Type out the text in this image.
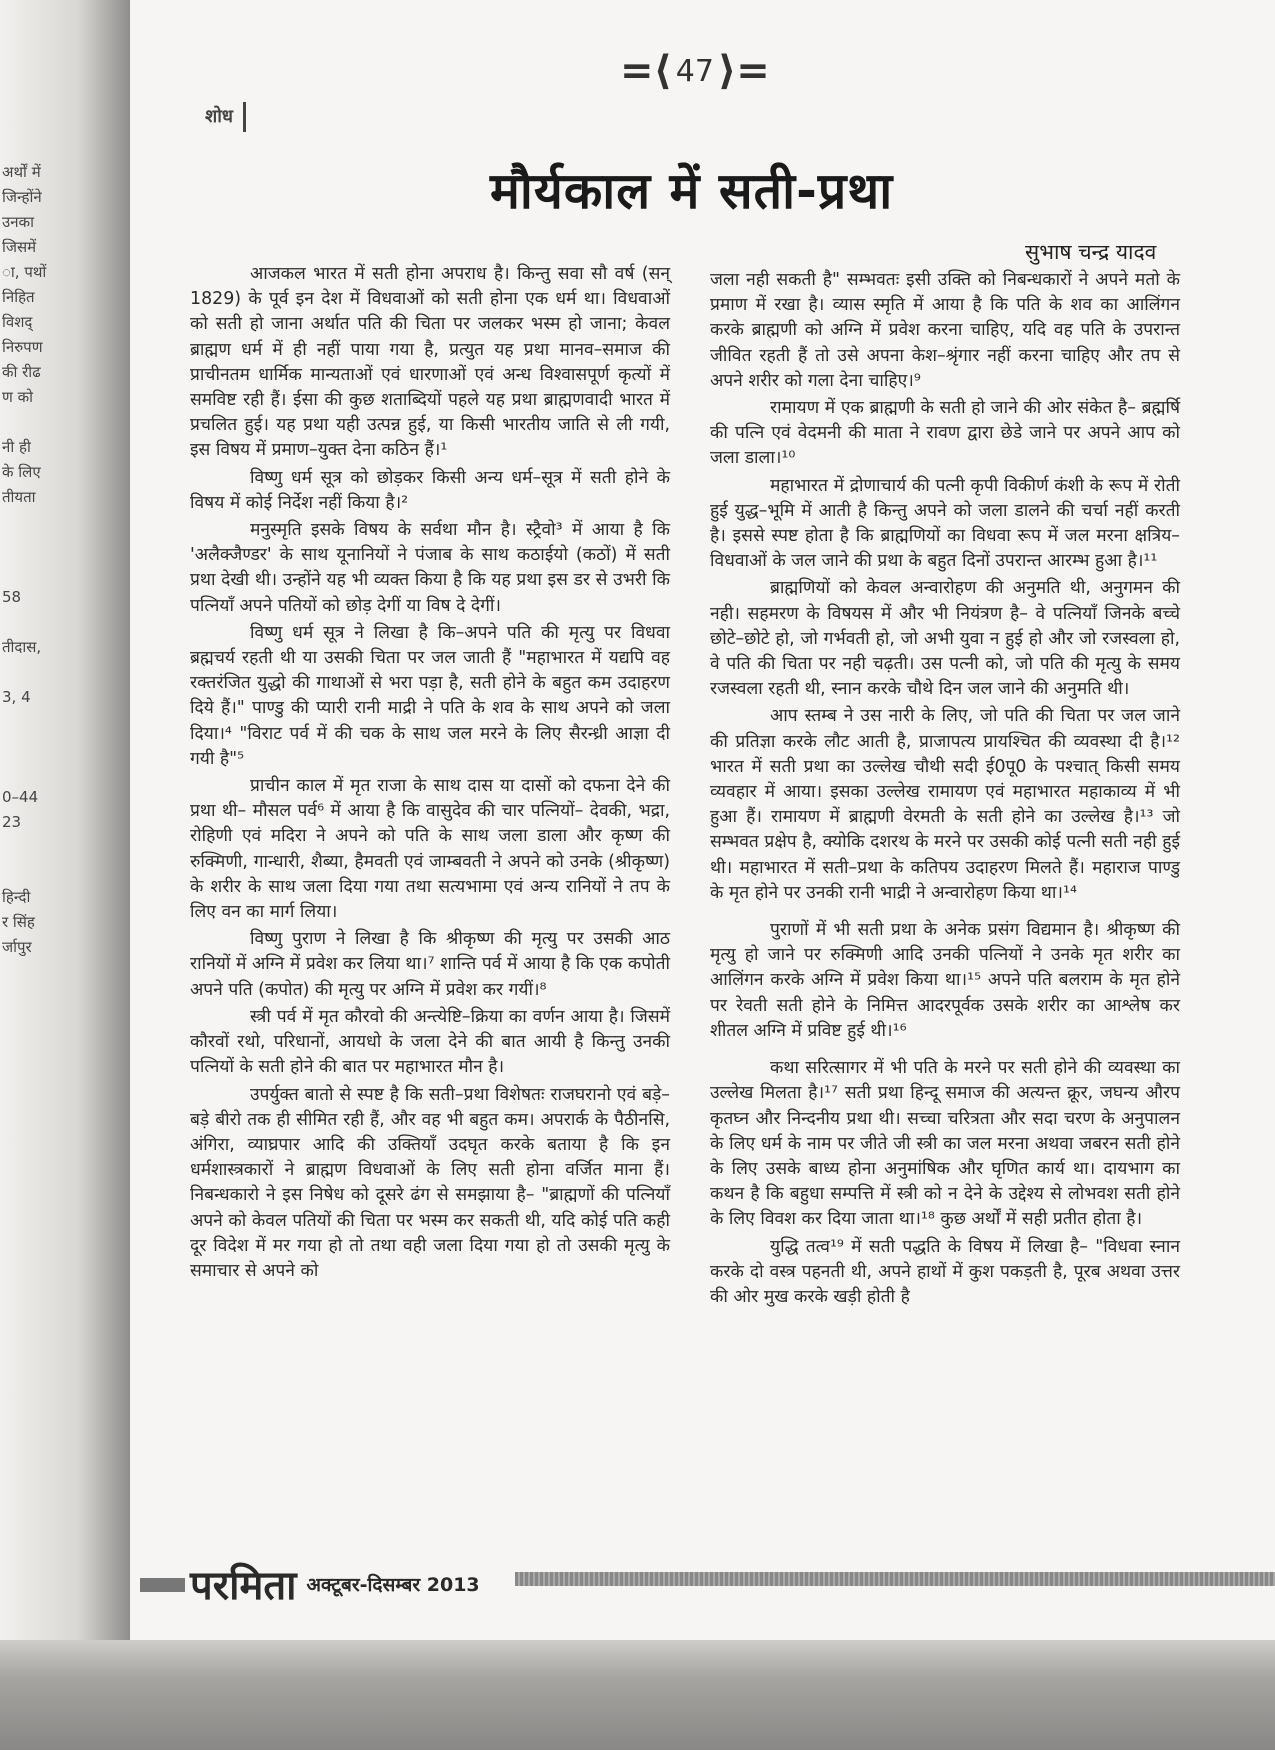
अर्थों में
जिन्होंने
उनका
जिसमें
ा, पथों
निहित
विशद्
निरुपण
की रीढ
ण को
नी ही
के लिए
तीयता
58
तीदास,
3, 4
0–44
23
हिन्दी
र सिंह
र्जापुर
=⟨ 47 ⟩=
शोध
मौर्यकाल में सती-प्रथा
सुभाष चन्द्र यादव

आजकल भारत में सती होना अपराध है। किन्तु सवा सौ वर्ष (सन् 1829) के पूर्व इन देश में विधवाओं को सती होना एक धर्म था। विधवाओं को सती हो जाना अर्थात पति की चिता पर जलकर भस्म हो जाना; केवल ब्राह्मण धर्म में ही नहीं पाया गया है, प्रत्युत यह प्रथा मानव–समाज की प्राचीनतम धार्मिक मान्यताओं एवं धारणाओं एवं अन्ध विश्वासपूर्ण कृत्यों में समविष्ट रही हैं। ईसा की कुछ शताब्दियों पहले यह प्रथा ब्राह्मणवादी भारत में प्रचलित हुई। यह प्रथा यही उत्पन्न हुई, या किसी भारतीय जाति से ली गयी, इस विषय में प्रमाण–युक्त देना कठिन हैं।¹

विष्णु धर्म सूत्र को छोड़कर किसी अन्य धर्म–सूत्र में सती होने के विषय में कोई निर्देश नहीं किया है।²

मनुस्मृति इसके विषय के सर्वथा मौन है। स्ट्रैवो³ में आया है कि 'अलैक्जैण्डर' के साथ यूनानियों ने पंजाब के साथ कठाईयो (कठों) में सती प्रथा देखी थी। उन्होंने यह भी व्यक्त किया है कि यह प्रथा इस डर से उभरी कि पत्नियाँ अपने पतियों को छोड़ देगीं या विष दे देगीं।

विष्णु धर्म सूत्र ने लिखा है कि–अपने पति की मृत्यु पर विधवा ब्रह्मचर्य रहती थी या उसकी चिता पर जल जाती हैं "महाभारत में यद्यपि वह रक्तरंजित युद्धो की गाथाओं से भरा पड़ा है, सती होने के बहुत कम उदाहरण दिये हैं।" पाण्डु की प्यारी रानी माद्री ने पति के शव के साथ अपने को जला दिया।⁴ "विराट पर्व में की चक के साथ जल मरने के लिए सैरन्ध्री आज्ञा दी गयी है"⁵

प्राचीन काल में मृत राजा के साथ दास या दासों को दफना देने की प्रथा थी– मौसल पर्व⁶ में आया है कि वासुदेव की चार पत्नियों– देवकी, भद्रा, रोहिणी एवं मदिरा ने अपने को पति के साथ जला डाला और कृष्ण की रुक्मिणी, गान्धारी, शैब्या, हैमवती एवं जाम्बवती ने अपने को उनके (श्रीकृष्ण) के शरीर के साथ जला दिया गया तथा सत्यभामा एवं अन्य रानियों ने तप के लिए वन का मार्ग लिया।

विष्णु पुराण ने लिखा है कि श्रीकृष्ण की मृत्यु पर उसकी आठ रानियों में अग्नि में प्रवेश कर लिया था।⁷ शान्ति पर्व में आया है कि एक कपोती अपने पति (कपोत) की मृत्यु पर अग्नि में प्रवेश कर गयीं।⁸

स्त्री पर्व में मृत कौरवो की अन्त्येष्टि–क्रिया का वर्णन आया है। जिसमें कौरवों रथो, परिधानों, आयधो के जला देने की बात आयी है किन्तु उनकी पत्नियों के सती होने की बात पर महाभारत मौन है।

उपर्युक्त बातो से स्पष्ट है कि सती–प्रथा विशेषतः राजघरानो एवं बड़े–बड़े बीरो तक ही सीमित रही हैं, और वह भी बहुत कम। अपरार्क के पैठीनसि, अंगिरा, व्याघ्रपार आदि की उक्तियाँ उदघृत करके बताया है कि इन धर्मशास्त्रकारों ने ब्राह्मण विधवाओं के लिए सती होना वर्जित माना हैं। निबन्धकारो ने इस निषेध को दूसरे ढंग से समझाया है– "ब्राह्मणों की पत्नियाँ अपने को केवल पतियों की चिता पर भस्म कर सकती थी, यदि कोई पति कही दूर विदेश में मर गया हो तो तथा वही जला दिया गया हो तो उसकी मृत्यु के समाचार से अपने को

जला नही सकती है" सम्भवतः इसी उक्ति को निबन्धकारों ने अपने मतो के प्रमाण में रखा है। व्यास स्मृति में आया है कि पति के शव का आलिंगन करके ब्राह्मणी को अग्नि में प्रवेश करना चाहिए, यदि वह पति के उपरान्त जीवित रहती हैं तो उसे अपना केश–श्रृंगार नहीं करना चाहिए और तप से अपने शरीर को गला देना चाहिए।⁹

रामायण में एक ब्राह्मणी के सती हो जाने की ओर संकेत है– ब्रह्मर्षि की पत्नि एवं वेदमनी की माता ने रावण द्वारा छेडे जाने पर अपने आप को जला डाला।¹⁰

महाभारत में द्रोणाचार्य की पत्नी कृपी विकीर्ण कंशी के रूप में रोती हुई युद्ध–भूमि में आती है किन्तु अपने को जला डालने की चर्चा नहीं करती है। इससे स्पष्ट होता है कि ब्राह्मणियों का विधवा रूप में जल मरना क्षत्रिय–विधवाओं के जल जाने की प्रथा के बहुत दिनों उपरान्त आरम्भ हुआ है।¹¹

ब्राह्मणियों को केवल अन्वारोहण की अनुमति थी, अनुगमन की नही। सहमरण के विषयस में और भी नियंत्रण है– वे पत्नियाँ जिनके बच्चे छोटे–छोटे हो, जो गर्भवती हो, जो अभी युवा न हुई हो और जो रजस्वला हो, वे पति की चिता पर नही चढ़ती। उस पत्नी को, जो पति की मृत्यु के समय रजस्वला रहती थी, स्नान करके चौथे दिन जल जाने की अनुमति थी।

आप स्तम्ब ने उस नारी के लिए, जो पति की चिता पर जल जाने की प्रतिज्ञा करके लौट आती है, प्राजापत्य प्रायश्चित की व्यवस्था दी है।¹² भारत में सती प्रथा का उल्लेख चौथी सदी ई0पू0 के पश्चात् किसी समय व्यवहार में आया। इसका उल्लेख रामायण एवं महाभारत महाकाव्य में भी हुआ हैं। रामायण में ब्राह्मणी वेरमती के सती होने का उल्लेख है।¹³ जो सम्भवत प्रक्षेप है, क्योकि दशरथ के मरने पर उसकी कोई पत्नी सती नही हुई थी। महाभारत में सती–प्रथा के कतिपय उदाहरण मिलते हैं। महाराज पाण्डु के मृत होने पर उनकी रानी भाद्री ने अन्वारोहण किया था।¹⁴

पुराणों में भी सती प्रथा के अनेक प्रसंग विद्यमान है। श्रीकृष्ण की मृत्यु हो जाने पर रुक्मिणी आदि उनकी पत्नियों ने उनके मृत शरीर का आलिंगन करके अग्नि में प्रवेश किया था।¹⁵ अपने पति बलराम के मृत होने पर रेवती सती होने के निमित्त आदरपूर्वक उसके शरीर का आश्लेष कर शीतल अग्नि में प्रविष्ट हुई थी।¹⁶

कथा सरित्सागर में भी पति के मरने पर सती होने की व्यवस्था का उल्लेख मिलता है।¹⁷ सती प्रथा हिन्दू समाज की अत्यन्त क्रूर, जघन्य औरप कृतघ्न और निन्दनीय प्रथा थी। सच्चा चरित्रता और सदा चरण के अनुपालन के लिए धर्म के नाम पर जीते जी स्त्री का जल मरना अथवा जबरन सती होने के लिए उसके बाध्य होना अनुमांषिक और घृणित कार्य था। दायभाग का कथन है कि बहुधा सम्पत्ति में स्त्री को न देने के उद्देश्य से लोभवश सती होने के लिए विवश कर दिया जाता था।¹⁸ कुछ अर्थों में सही प्रतीत होता है।

युद्धि तत्व¹⁹ में सती पद्धति के विषय में लिखा है– "विधवा स्नान करके दो वस्त्र पहनती थी, अपने हाथों में कुश पकड़ती है, पूरब अथवा उत्तर की ओर मुख करके खड़ी होती है

परमिता अक्टूबर-दिसम्बर 2013
